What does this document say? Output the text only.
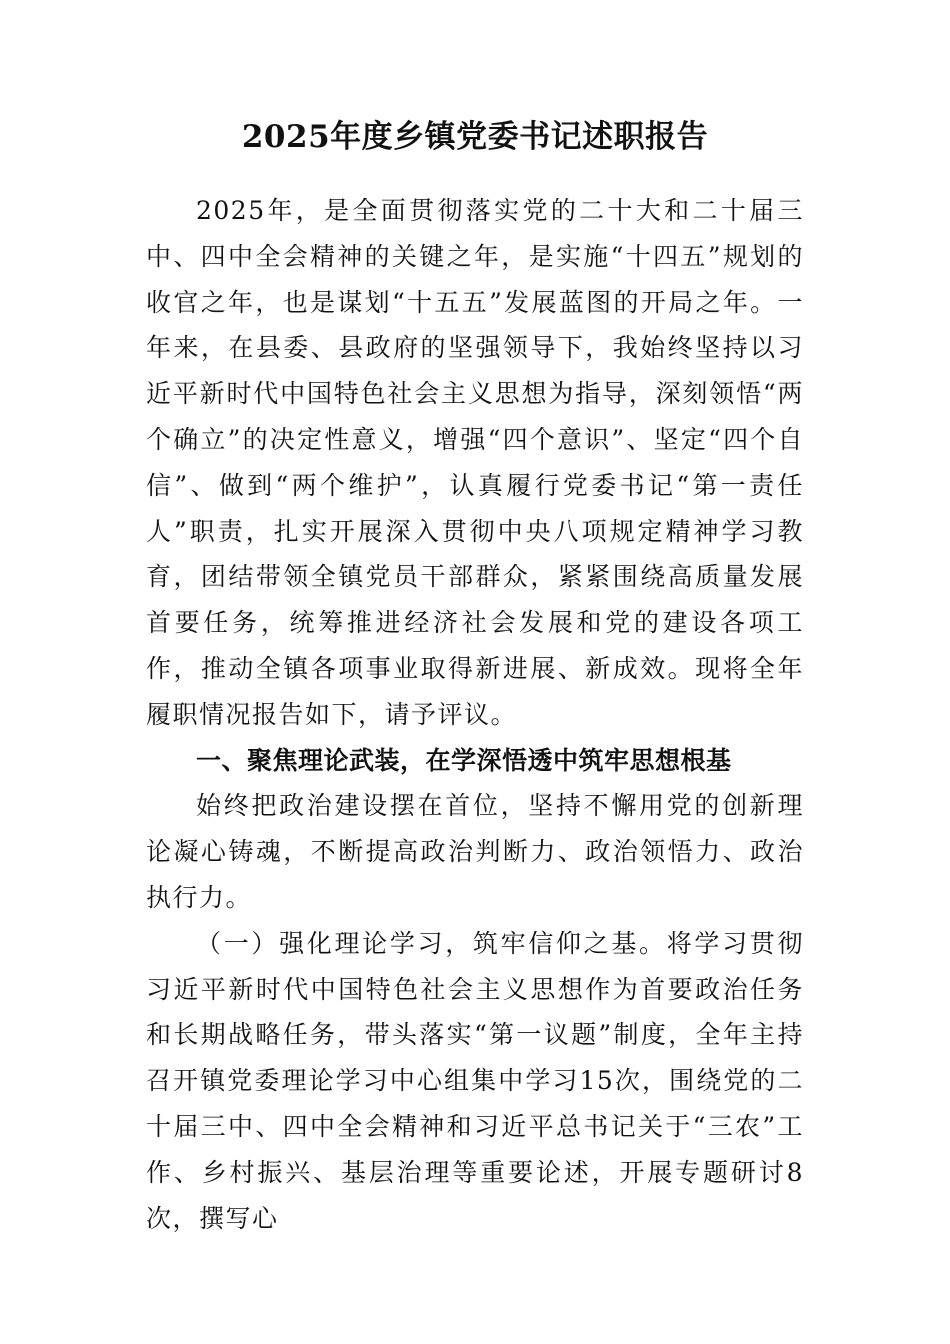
2025年度乡镇党委书记述职报告

2025年，是全面贯彻落实党的二十大和二十届三中、四中全会精神的关键之年，是实施“十四五”规划的收官之年，也是谋划“十五五”发展蓝图的开局之年。一年来，在县委、县政府的坚强领导下，我始终坚持以习近平新时代中国特色社会主义思想为指导，深刻领悟“两个确立”的决定性意义，增强“四个意识”、坚定“四个自信”、做到“两个维护”，认真履行党委书记“第一责任人”职责，扎实开展深入贯彻中央八项规定精神学习教育，团结带领全镇党员干部群众，紧紧围绕高质量发展首要任务，统筹推进经济社会发展和党的建设各项工作，推动全镇各项事业取得新进展、新成效。现将全年履职情况报告如下，请予评议。

一、聚焦理论武装，在学深悟透中筑牢思想根基

始终把政治建设摆在首位，坚持不懈用党的创新理论凝心铸魂，不断提高政治判断力、政治领悟力、政治执行力。

（一）强化理论学习，筑牢信仰之基。将学习贯彻习近平新时代中国特色社会主义思想作为首要政治任务和长期战略任务，带头落实“第一议题”制度，全年主持召开镇党委理论学习中心组集中学习15次，围绕党的二十届三中、四中全会精神和习近平总书记关于“三农”工作、乡村振兴、基层治理等重要论述，开展专题研讨8次，撰写心
